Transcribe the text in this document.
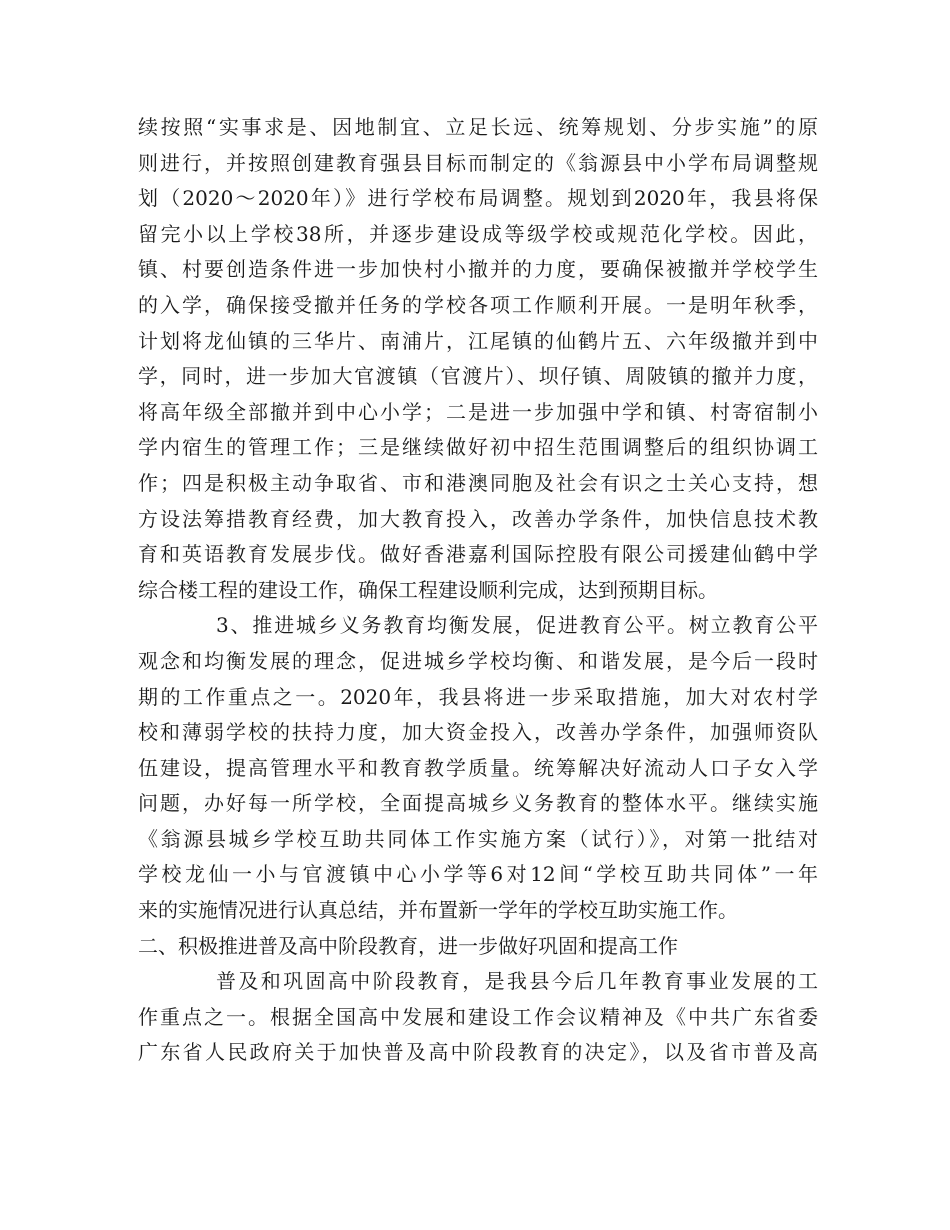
续按照“实事求是、因地制宜、立足长远、统筹规划、分步实施”的原
则进行，并按照创建教育强县目标而制定的《翁源县中小学布局调整规
划（2020～2020年）》进行学校布局调整。规划到2020年，我县将保
留完小以上学校38所，并逐步建设成等级学校或规范化学校。因此，
镇、村要创造条件进一步加快村小撤并的力度，要确保被撤并学校学生
的入学，确保接受撤并任务的学校各项工作顺利开展。一是明年秋季，
计划将龙仙镇的三华片、南浦片，江尾镇的仙鹤片五、六年级撤并到中
学，同时，进一步加大官渡镇（官渡片）、坝仔镇、周陂镇的撤并力度，
将高年级全部撤并到中心小学；二是进一步加强中学和镇、村寄宿制小
学内宿生的管理工作；三是继续做好初中招生范围调整后的组织协调工
作；四是积极主动争取省、市和港澳同胞及社会有识之士关心支持，想
方设法筹措教育经费，加大教育投入，改善办学条件，加快信息技术教
育和英语教育发展步伐。做好香港嘉利国际控股有限公司援建仙鹤中学
综合楼工程的建设工作，确保工程建设顺利完成，达到预期目标。
3、推进城乡义务教育均衡发展，促进教育公平。树立教育公平
观念和均衡发展的理念，促进城乡学校均衡、和谐发展，是今后一段时
期的工作重点之一。2020年，我县将进一步采取措施，加大对农村学
校和薄弱学校的扶持力度，加大资金投入，改善办学条件，加强师资队
伍建设，提高管理水平和教育教学质量。统筹解决好流动人口子女入学
问题，办好每一所学校，全面提高城乡义务教育的整体水平。继续实施
《翁源县城乡学校互助共同体工作实施方案（试行）》，对第一批结对
学校龙仙一小与官渡镇中心小学等6对12间“学校互助共同体”一年
来的实施情况进行认真总结，并布置新一学年的学校互助实施工作。
二、积极推进普及高中阶段教育，进一步做好巩固和提高工作
普及和巩固高中阶段教育，是我县今后几年教育事业发展的工
作重点之一。根据全国高中发展和建设工作会议精神及《中共广东省委
广东省人民政府关于加快普及高中阶段教育的决定》，以及省市普及高
